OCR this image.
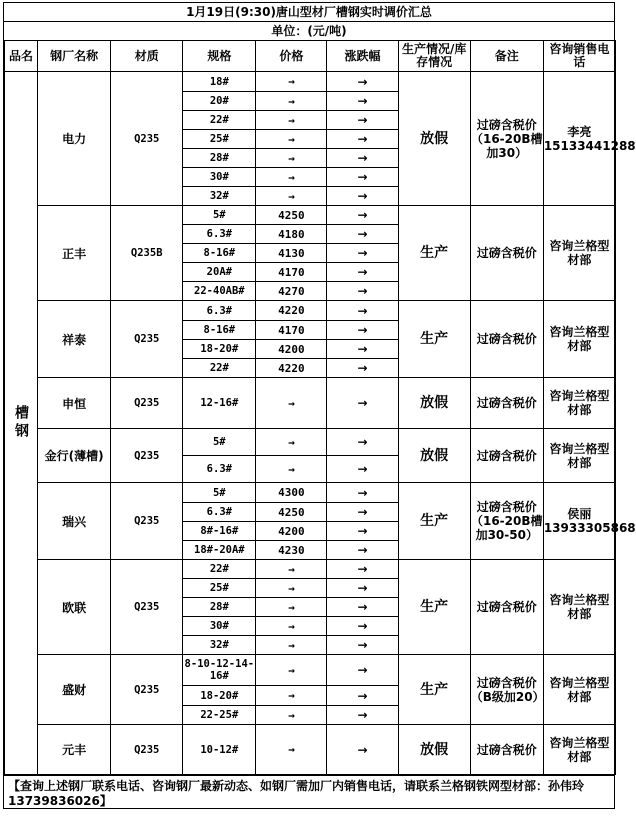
1月19日(9:30)唐山型材厂槽钢实时调价汇总
单位：(元/吨)
品名	钢厂名称	材质	规格	价格	涨跌幅	生产情况/库存情况	备注	咨询销售电话
槽钢	电力	Q235	18#	→	→	放假	过磅含税价（16-20B槽加30）	李亮 15133441288
			20#	→	→			
			22#	→	→			
			25#	→	→			
			28#	→	→			
			30#	→	→			
			32#	→	→			
	正丰	Q235B	5#	4250	→	生产	过磅含税价	咨询兰格型材部
			6.3#	4180	→			
			8-16#	4130	→			
			20A#	4170	→			
			22-40AB#	4270	→			
	祥泰	Q235	6.3#	4220	→	生产	过磅含税价	咨询兰格型材部
			8-16#	4170	→			
			18-20#	4200	→			
			22#	4220	→			
	申恒	Q235	12-16#	→	→	放假	过磅含税价	咨询兰格型材部
	金行(薄槽)	Q235	5#	→	→	放假	过磅含税价	咨询兰格型材部
			6.3#	→	→			
	瑞兴	Q235	5#	4300	→	生产	过磅含税价（16-20B槽加30-50）	侯丽 13933305868
			6.3#	4250	→			
			8#-16#	4200	→			
			18#-20A#	4230	→			
	欧联	Q235	22#	→	→	生产	过磅含税价	咨询兰格型材部
			25#	→	→			
			28#	→	→			
			30#	→	→			
			32#	→	→			
	盛财	Q235	8-10-12-14-16#	→	→	生产	过磅含税价（B级加20）	咨询兰格型材部
			18-20#	→	→			
			22-25#	→	→			
	元丰	Q235	10-12#	→	→	放假	过磅含税价	咨询兰格型材部
【查询上述钢厂联系电话、咨询钢厂最新动态、如钢厂需加厂内销售电话，请联系兰格钢铁网型材部：孙伟玲13739836026】
